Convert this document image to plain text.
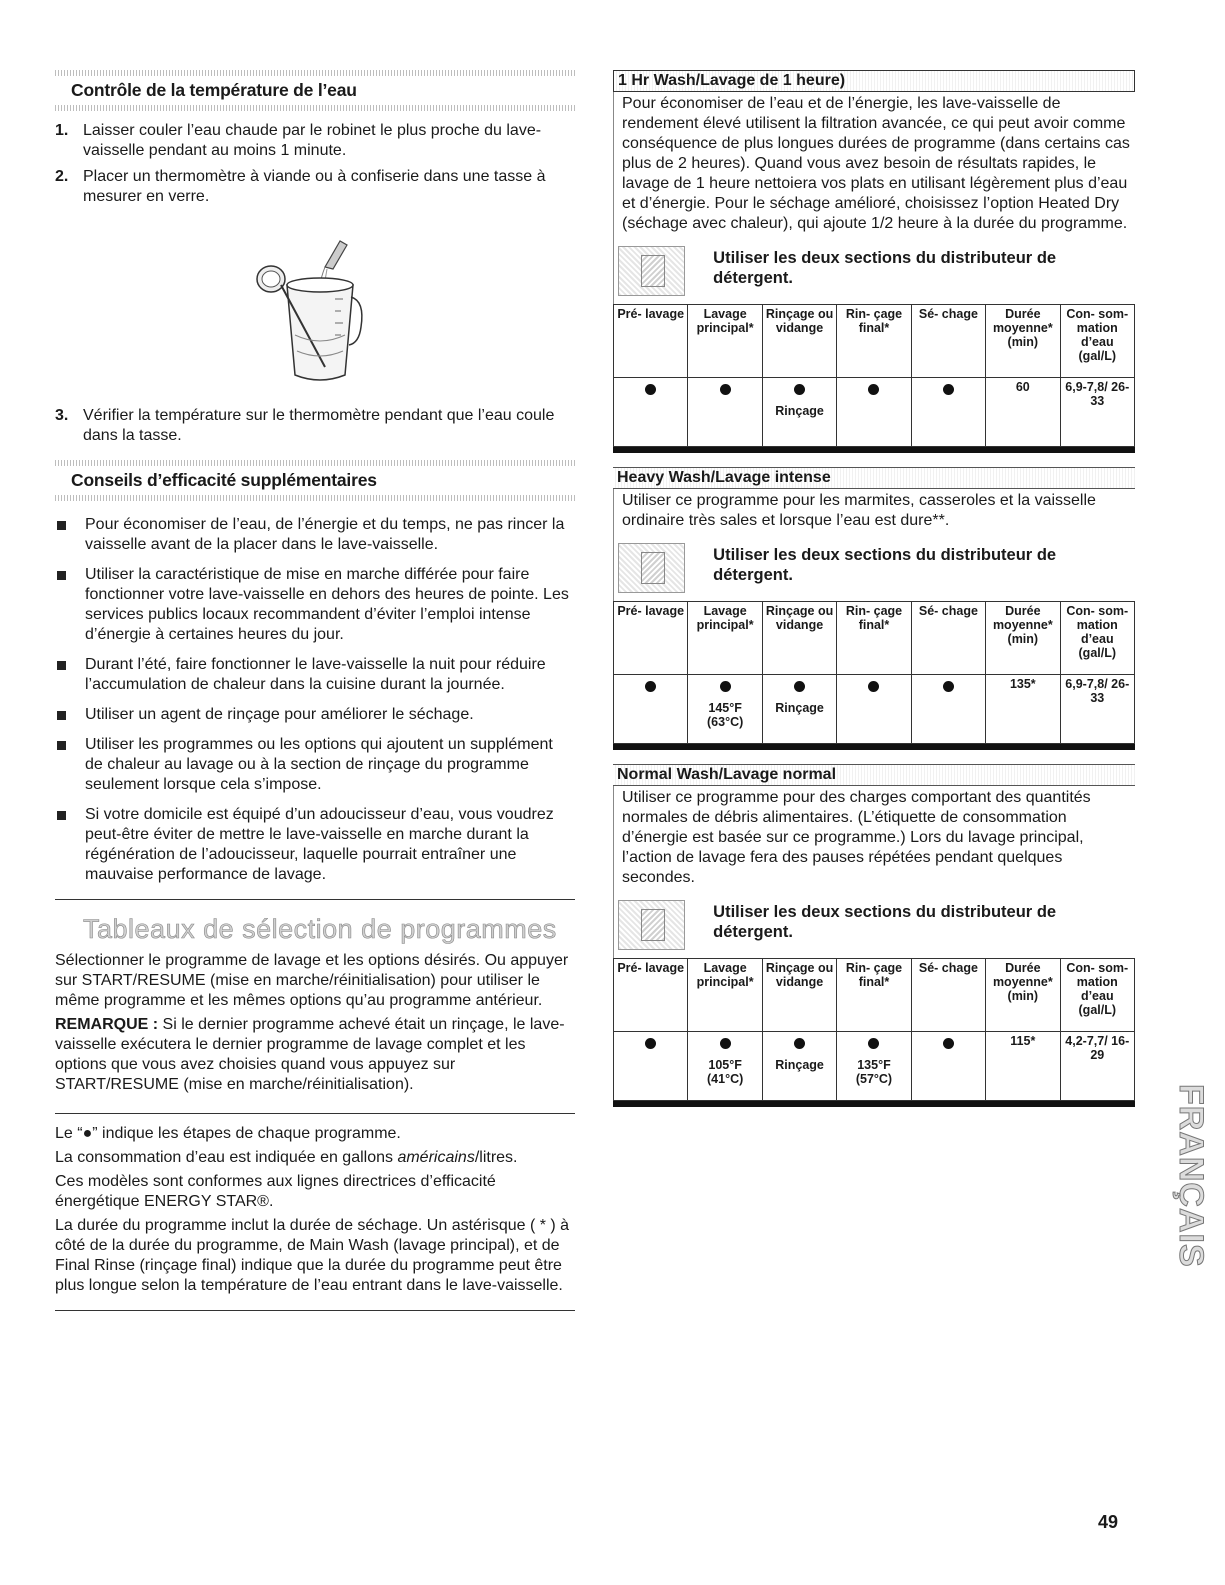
Contrôle de la température de l’eau
1. Laisser couler l’eau chaude par le robinet le plus proche du lave-vaisselle pendant au moins 1 minute.
2. Placer un thermomètre à viande ou à confiserie dans une tasse à mesurer en verre.
3. Vérifier la température sur le thermomètre pendant que l’eau coule dans la tasse.
Conseils d’efficacité supplémentaires
Pour économiser de l’eau, de l’énergie et du temps, ne pas rincer la vaisselle avant de la placer dans le lave-vaisselle.
Utiliser la caractéristique de mise en marche différée pour faire fonctionner votre lave-vaisselle en dehors des heures de pointe. Les services publics locaux recommandent d’éviter l’emploi intense d’énergie à certaines heures du jour.
Durant l’été, faire fonctionner le lave-vaisselle la nuit pour réduire l’accumulation de chaleur dans la cuisine durant la journée.
Utiliser un agent de rinçage pour améliorer le séchage.
Utiliser les programmes ou les options qui ajoutent un supplément de chaleur au lavage ou à la section de rinçage du programme seulement lorsque cela s’impose.
Si votre domicile est équipé d’un adoucisseur d’eau, vous voudrez peut-être éviter de mettre le lave-vaisselle en marche durant la régénération de l’adoucisseur, laquelle pourrait entraîner une mauvaise performance de lavage.
Tableaux de sélection de programmes

Sélectionner le programme de lavage et les options désirés. Ou appuyer sur START/RESUME (mise en marche/réinitialisation) pour utiliser le même programme et les mêmes options qu’au programme antérieur.

REMARQUE : Si le dernier programme achevé était un rinçage, le lave-vaisselle exécutera le dernier programme de lavage complet et les options que vous avez choisies quand vous appuyez sur START/RESUME (mise en marche/réinitialisation).

Le “●” indique les étapes de chaque programme.

La consommation d’eau est indiquée en gallons américains/litres.

Ces modèles sont conformes aux lignes directrices d’efficacité énergétique ENERGY STAR®.

La durée du programme inclut la durée de séchage. Un astérisque ( * ) à côté de la durée du programme, de Main Wash (lavage principal), et de Final Rinse (rinçage final) indique que la durée du programme peut être plus longue selon la température de l’eau entrant dans le lave-vaisselle.

1 Hr Wash/Lavage de 1 heure)
Pour économiser de l’eau et de l’énergie, les lave-vaisselle de rendement élevé utilisent la filtration avancée, ce qui peut avoir comme conséquence de plus longues durées de programme (dans certains cas plus de 2 heures). Quand vous avez besoin de résultats rapides, le lavage de 1 heure nettoiera vos plats en utilisant légèrement plus d’eau et d’énergie. Pour le séchage amélioré, choisissez l’option Heated Dry (séchage avec chaleur), qui ajoute 1/2 heure à la durée du programme.
Utiliser les deux sections du distributeur de détergent.
Pré- lavage	Lavage principal*	Rinçage ou vidange	Rin- çage final*	Sé- chage	Durée moyenne* (min)	Con- som- mation d’eau (gal/L)

		Rinçage			60	6,9-7,8/ 26-33
Heavy Wash/Lavage intense
Utiliser ce programme pour les marmites, casseroles et la vaisselle ordinaire très sales et lorsque l’eau est dure**.
Utiliser les deux sections du distributeur de détergent.
Pré- lavage	Lavage principal*	Rinçage ou vidange	Rin- çage final*	Sé- chage	Durée moyenne* (min)	Con- som- mation d’eau (gal/L)

	145°F (63°C)	Rinçage			135*	6,9-7,8/ 26-33
Normal Wash/Lavage normal
Utiliser ce programme pour des charges comportant des quantités normales de débris alimentaires. (L’étiquette de consommation d’énergie est basée sur ce programme.) Lors du lavage principal, l’action de lavage fera des pauses répétées pendant quelques secondes.
Utiliser les deux sections du distributeur de détergent.
Pré- lavage	Lavage principal*	Rinçage ou vidange	Rin- çage final*	Sé- chage	Durée moyenne* (min)	Con- som- mation d’eau (gal/L)

	105°F (41°C)	Rinçage	135°F (57°C)		115*	4,2-7,7/ 16-29
FRANÇAIS
49
